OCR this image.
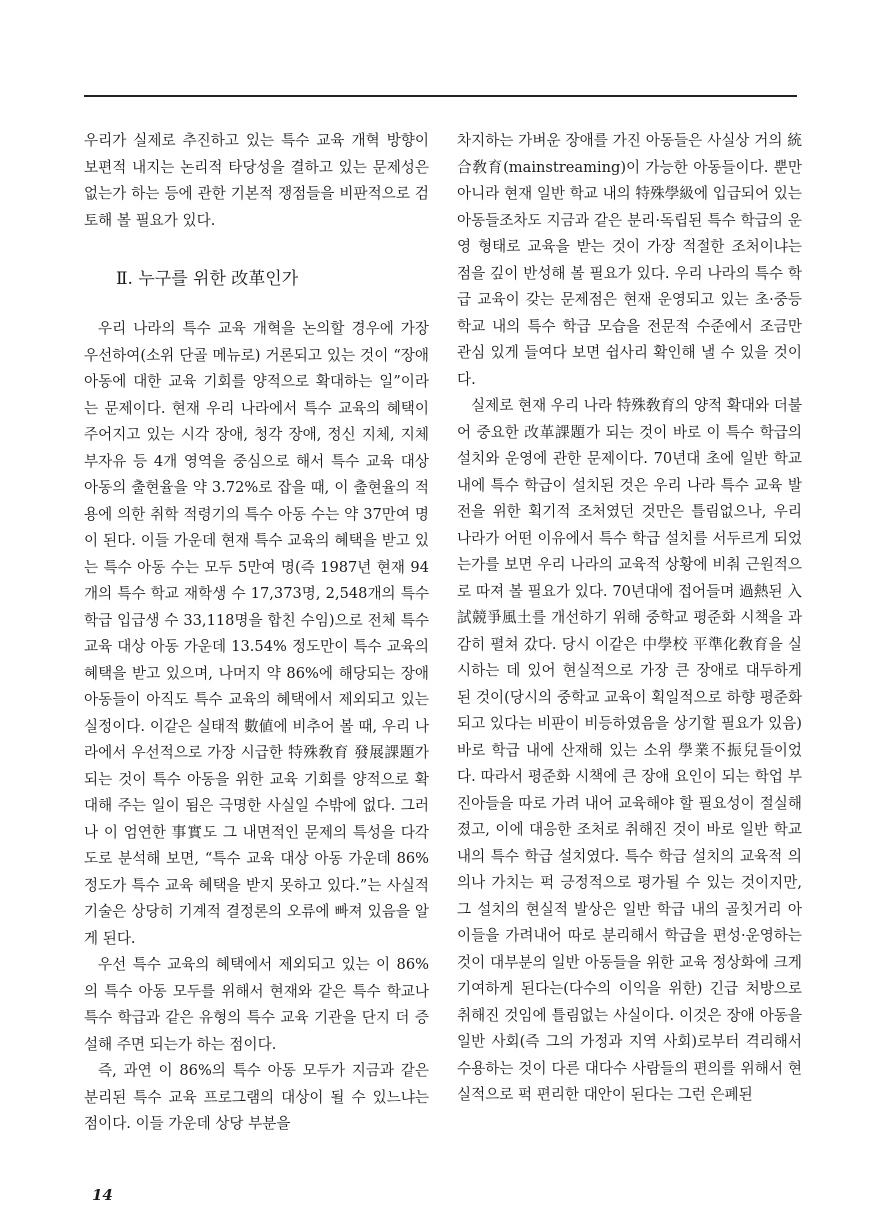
우리가 실제로 추진하고 있는 특수 교육 개혁 방향이 보편적 내지는 논리적 타당성을 결하고 있는 문제성은 없는가 하는 등에 관한 기본적 쟁점들을 비판적으로 검토해 볼 필요가 있다.

Ⅱ. 누구를 위한 改革인가

우리 나라의 특수 교육 개혁을 논의할 경우에 가장 우선하여(소위 단골 메뉴로) 거론되고 있는 것이 “장애 아동에 대한 교육 기회를 양적으로 확대하는 일”이라는 문제이다. 현재 우리 나라에서 특수 교육의 혜택이 주어지고 있는 시각 장애, 청각 장애, 정신 지체, 지체 부자유 등 4개 영역을 중심으로 해서 특수 교육 대상 아동의 출현율을 약 3.72%로 잡을 때, 이 출현율의 적용에 의한 취학 적령기의 특수 아동 수는 약 37만여 명이 된다. 이들 가운데 현재 특수 교육의 혜택을 받고 있는 특수 아동 수는 모두 5만여 명(즉 1987년 현재 94개의 특수 학교 재학생 수 17,373명, 2,548개의 특수 학급 입급생 수 33,118명을 합친 수임)으로 전체 특수 교육 대상 아동 가운데 13.54% 정도만이 특수 교육의 혜택을 받고 있으며, 나머지 약 86%에 해당되는 장애 아동들이 아직도 특수 교육의 혜택에서 제외되고 있는 실정이다. 이같은 실태적 數値에 비추어 볼 때, 우리 나라에서 우선적으로 가장 시급한 特殊敎育 發展課題가 되는 것이 특수 아동을 위한 교육 기회를 양적으로 확대해 주는 일이 됨은 극명한 사실일 수밖에 없다. 그러나 이 엄연한 事實도 그 내면적인 문제의 특성을 다각도로 분석해 보면, “특수 교육 대상 아동 가운데 86% 정도가 특수 교육 혜택을 받지 못하고 있다.”는 사실적 기술은 상당히 기계적 결정론의 오류에 빠져 있음을 알게 된다.

우선 특수 교육의 혜택에서 제외되고 있는 이 86%의 특수 아동 모두를 위해서 현재와 같은 특수 학교나 특수 학급과 같은 유형의 특수 교육 기관을 단지 더 증설해 주면 되는가 하는 점이다.

즉, 과연 이 86%의 특수 아동 모두가 지금과 같은 분리된 특수 교육 프로그램의 대상이 될 수 있느냐는 점이다. 이들 가운데 상당 부분을

차지하는 가벼운 장애를 가진 아동들은 사실상 거의 統合敎育(mainstreaming)이 가능한 아동들이다. 뿐만 아니라 현재 일반 학교 내의 特殊學級에 입급되어 있는 아동들조차도 지금과 같은 분리·독립된 특수 학급의 운영 형태로 교육을 받는 것이 가장 적절한 조처이냐는 점을 깊이 반성해 볼 필요가 있다. 우리 나라의 특수 학급 교육이 갖는 문제점은 현재 운영되고 있는 초·중등 학교 내의 특수 학급 모습을 전문적 수준에서 조금만 관심 있게 들여다 보면 쉽사리 확인해 낼 수 있을 것이다.

실제로 현재 우리 나라 特殊敎育의 양적 확대와 더불어 중요한 改革課題가 되는 것이 바로 이 특수 학급의 설치와 운영에 관한 문제이다. 70년대 초에 일반 학교 내에 특수 학급이 설치된 것은 우리 나라 특수 교육 발전을 위한 획기적 조처였던 것만은 틀림없으나, 우리 나라가 어떤 이유에서 특수 학급 설치를 서두르게 되었는가를 보면 우리 나라의 교육적 상황에 비춰 근원적으로 따져 볼 필요가 있다. 70년대에 접어들며 過熱된 入試競爭風土를 개선하기 위해 중학교 평준화 시책을 과감히 펼쳐 갔다. 당시 이같은 中學校 平準化敎育을 실시하는 데 있어 현실적으로 가장 큰 장애로 대두하게 된 것이(당시의 중학교 교육이 획일적으로 하향 평준화되고 있다는 비판이 비등하였음을 상기할 필요가 있음) 바로 학급 내에 산재해 있는 소위 學業不振兒들이었다. 따라서 평준화 시책에 큰 장애 요인이 되는 학업 부진아들을 따로 가려 내어 교육해야 할 필요성이 절실해졌고, 이에 대응한 조처로 취해진 것이 바로 일반 학교 내의 특수 학급 설치였다. 특수 학급 설치의 교육적 의의나 가치는 퍽 긍정적으로 평가될 수 있는 것이지만, 그 설치의 현실적 발상은 일반 학급 내의 골칫거리 아이들을 가려내어 따로 분리해서 학급을 편성·운영하는 것이 대부분의 일반 아동들을 위한 교육 정상화에 크게 기여하게 된다는(다수의 이익을 위한) 긴급 처방으로 취해진 것임에 틀림없는 사실이다. 이것은 장애 아동을 일반 사회(즉 그의 가정과 지역 사회)로부터 격리해서 수용하는 것이 다른 대다수 사람들의 편의를 위해서 현실적으로 퍽 편리한 대안이 된다는 그런 은폐된

14
